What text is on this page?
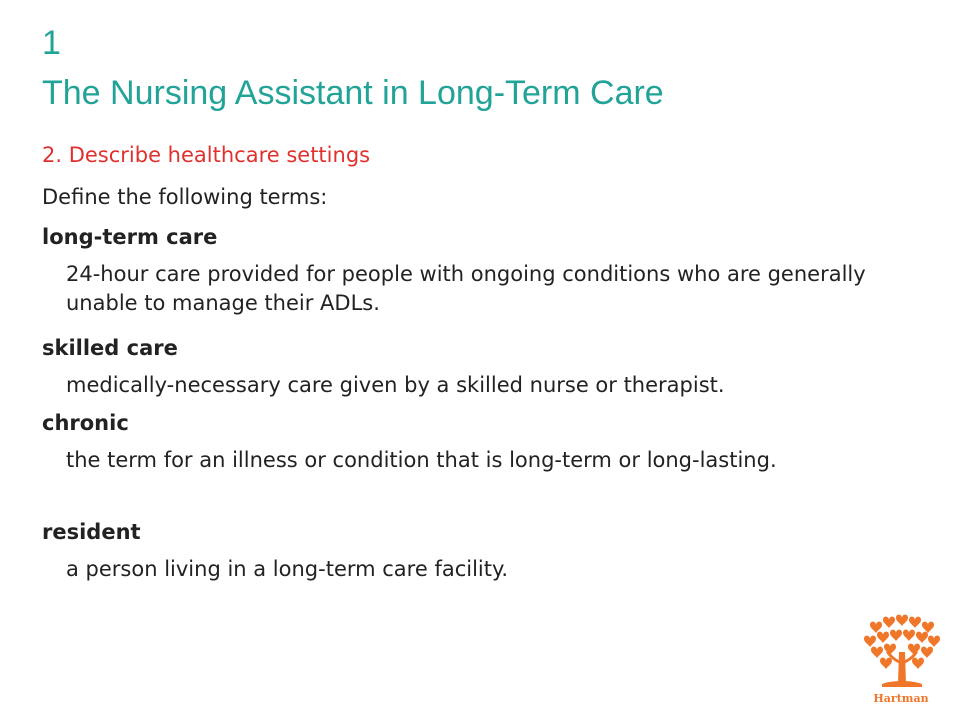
1
The Nursing Assistant in Long-Term Care
2. Describe healthcare settings
Define the following terms:
long-term care
24-hour care provided for people with ongoing conditions who are generally unable to manage their ADLs.
skilled care
medically-necessary care given by a skilled nurse or therapist.
chronic
the term for an illness or condition that is long-term or long-lasting.
resident
a person living in a long-term care facility.
Hartman
